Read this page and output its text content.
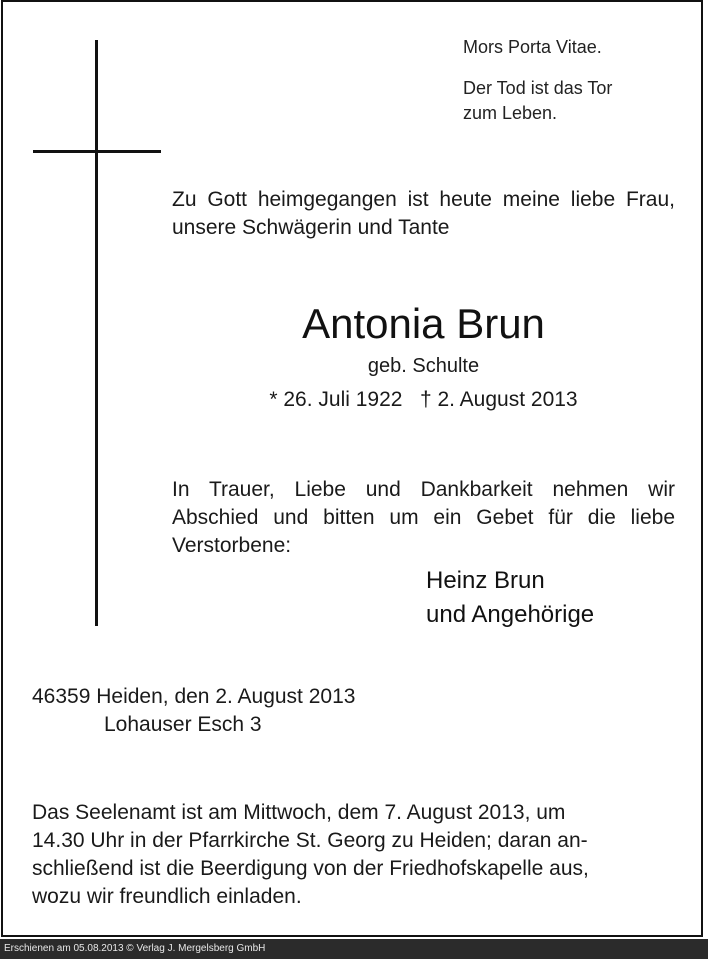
Mors Porta Vitae.
Der Tod ist das Tor
zum Leben.
Zu Gott heimgegangen ist heute meine liebe Frau, unsere Schwägerin und Tante
Antonia Brun
geb. Schulte
* 26. Juli 1922   † 2. August 2013
In Trauer, Liebe und Dankbarkeit nehmen wir Abschied und bitten um ein Gebet für die liebe Verstorbene:
Heinz Brun
und Angehörige
46359 Heiden, den 2. August 2013
Lohauser Esch 3
Das Seelenamt ist am Mittwoch, dem 7. August 2013, um
14.30 Uhr in der Pfarrkirche St. Georg zu Heiden; daran an-
schließend ist die Beerdigung von der Friedhofskapelle aus,
wozu wir freundlich einladen.
Erschienen am 05.08.2013 © Verlag J. Mergelsberg GmbH
